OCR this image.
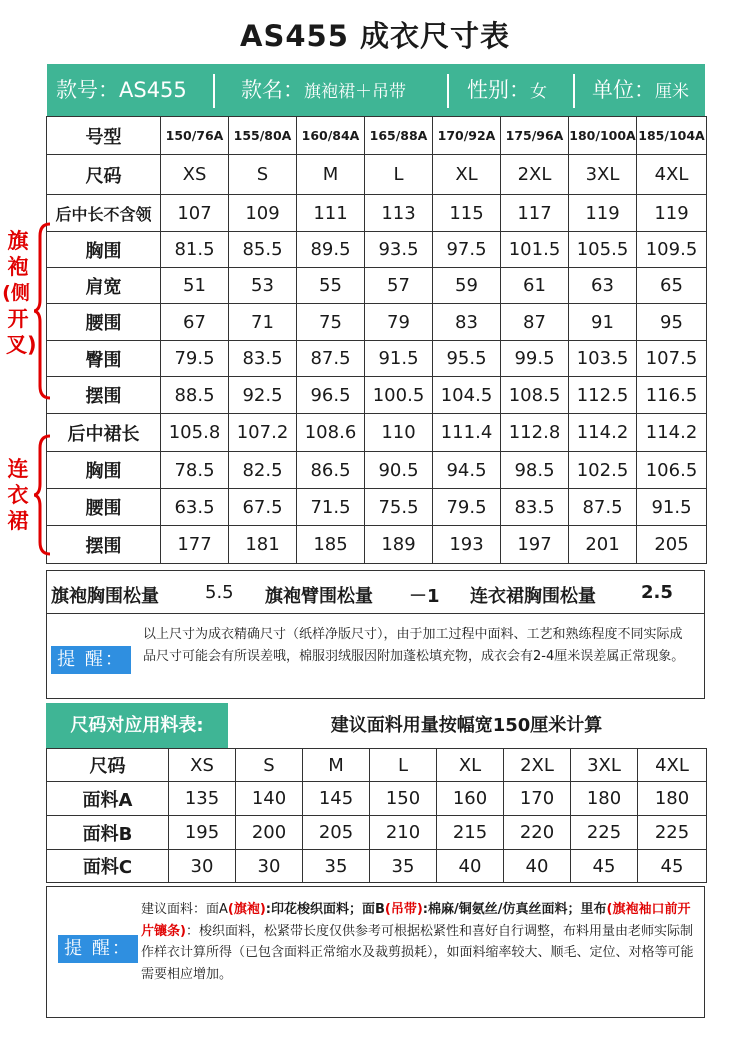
AS455 成衣尺寸表
款号：AS455	款名：旗袍裙＋吊带	性别：女 单位：厘米
号型	150/76A	155/80A	160/84A	165/88A	170/92A	175/96A	180/100A	185/104A
尺码	XS	S	M	L	XL	2XL	3XL	4XL
后中长不含领	107	109	111	113	115	117	119	119
胸围	81.5	85.5	89.5	93.5	97.5	101.5	105.5	109.5
肩宽	51	53	55	57	59	61	63	65
腰围	67	71	75	79	83	87	91	95
臀围	79.5	83.5	87.5	91.5	95.5	99.5	103.5	107.5
摆围	88.5	92.5	96.5	100.5	104.5	108.5	112.5	116.5
后中裙长	105.8	107.2	108.6	110	111.4	112.8	114.2	114.2
胸围	78.5	82.5	86.5	90.5	94.5	98.5	102.5	106.5
腰围	63.5	67.5	71.5	75.5	79.5	83.5	87.5	91.5
摆围	177	181	185	189	193	197	201	205
旗
袍
(侧
开
叉)
连
衣
裙
旗袍胸围松量	5.5 旗袍臂围松量 －1 连衣裙胸围松量	2.5
提 醒：
以上尺寸为成衣精确尺寸（纸样净版尺寸），由于加工过程中面料、工艺和熟练程度不同实际成品尺寸可能会有所误差哦，棉服羽绒服因附加蓬松填充物，成衣会有2-4厘米误差属正常现象。
尺码对应用料表:	建议面料用量按幅宽150厘米计算
尺码	XS	S	M	L	XL	2XL	3XL	4XL
面料A	135	140	145	150	160	170	180	180
面料B	195	200	205	210	215	220	225	225
面料C	30	30	35	35	40	40	45	45
提 醒：
建议面料：面A(旗袍):印花梭织面料；面B(吊带):棉麻/铜氨丝/仿真丝面料；里布(旗袍袖口前开片镶条)：梭织面料，松紧带长度仅供参考可根据松紧性和喜好自行调整，布料用量由老师实际制作样衣计算所得（已包含面料正常缩水及裁剪损耗），如面料缩率较大、顺毛、定位、对格等可能需要相应增加。
